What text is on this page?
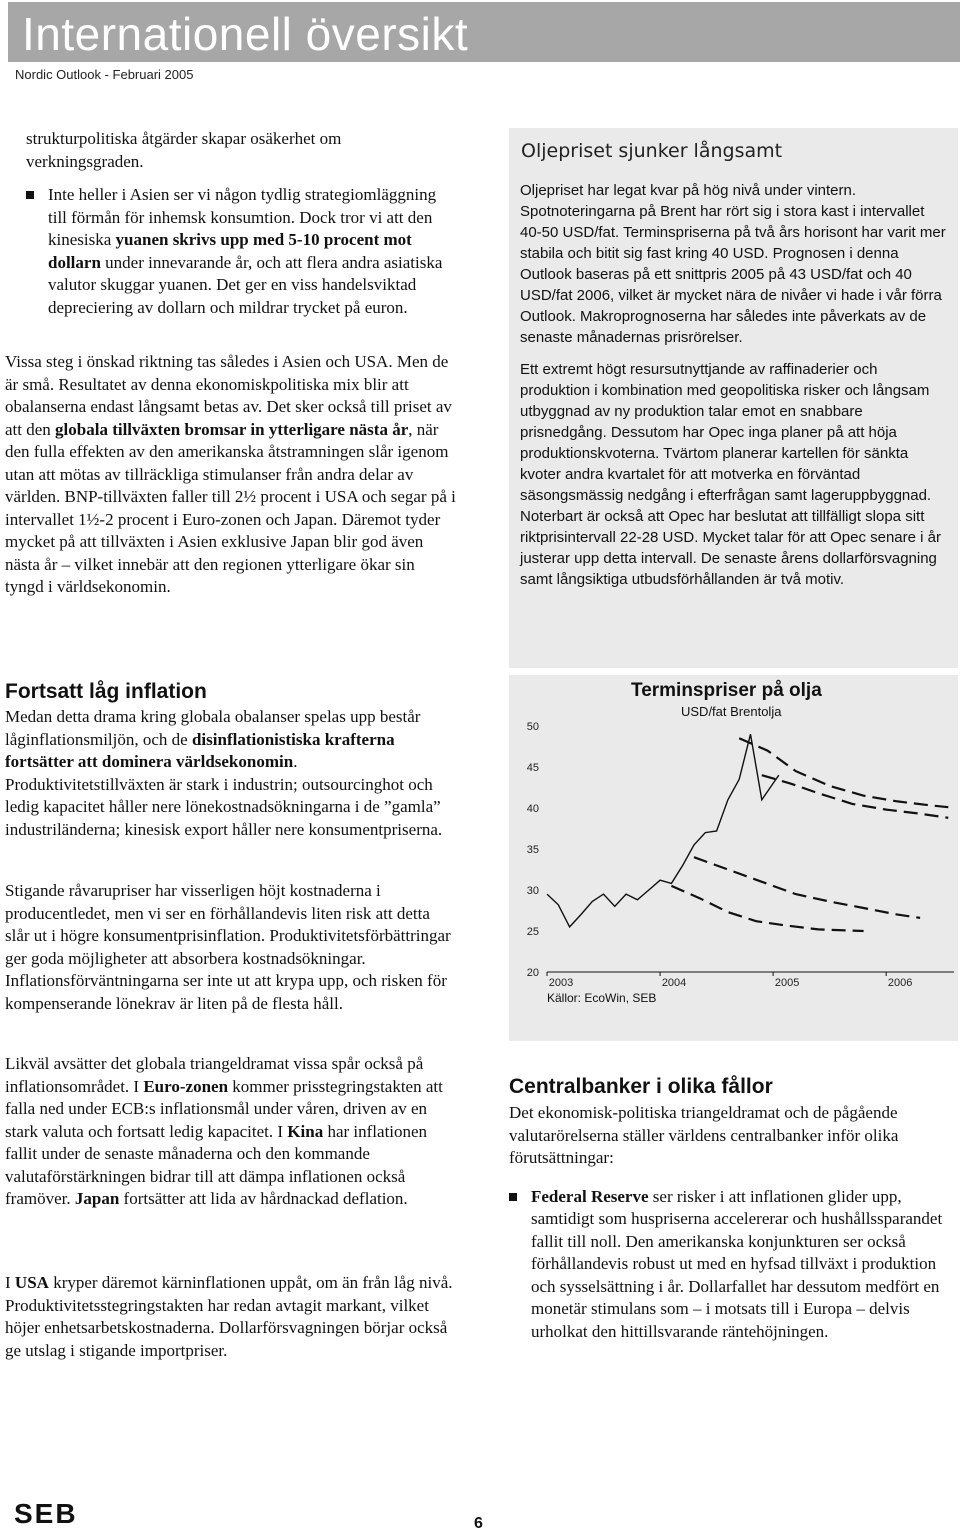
Internationell översikt
Nordic Outlook - Februari 2005

strukturpolitiska åtgärder skapar osäkerhet om verkningsgraden.

Inte heller i Asien ser vi någon tydlig strategiomläggning till förmån för inhemsk konsumtion. Dock tror vi att den kinesiska yuanen skrivs upp med 5-10 procent mot dollarn under innevarande år, och att flera andra asiatiska valutor skuggar yuanen. Det ger en viss handelsviktad depreciering av dollarn och mildrar trycket på euron.

Vissa steg i önskad riktning tas således i Asien och USA. Men de är små. Resultatet av denna ekonomiskpolitiska mix blir att obalanserna endast långsamt betas av. Det sker också till priset av att den globala tillväxten bromsar in ytterligare nästa år, när den fulla effekten av den amerikanska åtstramningen slår igenom utan att mötas av tillräckliga stimulanser från andra delar av världen. BNP-tillväxten faller till 2½ procent i USA och segar på i intervallet 1½-2 procent i Euro-zonen och Japan. Däremot tyder mycket på att tillväxten i Asien exklusive Japan blir god även nästa år – vilket innebär att den regionen ytterligare ökar sin tyngd i världsekonomin.

Fortsatt låg inflation

Medan detta drama kring globala obalanser spelas upp består låginflationsmiljön, och de disinflationistiska krafterna fortsätter att dominera världsekonomin. Produktivitetstillväxten är stark i industrin; outsourcinghot och ledig kapacitet håller nere lönekostnadsökningarna i de ”gamla” industriländerna; kinesisk export håller nere konsumentpriserna.

Stigande råvarupriser har visserligen höjt kostnaderna i producentledet, men vi ser en förhållandevis liten risk att detta slår ut i högre konsumentprisinflation. Produktivitetsförbättringar ger goda möjligheter att absorbera kostnadsökningar. Inflationsförväntningarna ser inte ut att krypa upp, och risken för kompenserande lönekrav är liten på de flesta håll.

Likväl avsätter det globala triangeldramat vissa spår också på inflationsområdet. I Euro-zonen kommer prisstegringstakten att falla ned under ECB:s inflationsmål under våren, driven av en stark valuta och fortsatt ledig kapacitet. I Kina har inflationen fallit under de senaste månaderna och den kommande valutaförstärkningen bidrar till att dämpa inflationen också framöver. Japan fortsätter att lida av hårdnackad deflation.

I USA kryper däremot kärninflationen uppåt, om än från låg nivå. Produktivitetsstegringstakten har redan avtagit markant, vilket höjer enhetsarbetskostnaderna. Dollarförsvagningen börjar också ge utslag i stigande importpriser.

Oljepriset sjunker långsamt

Oljepriset har legat kvar på hög nivå under vintern. Spotnoteringarna på Brent har rört sig i stora kast i intervallet 40-50 USD/fat. Terminspriserna på två års horisont har varit mer stabila och bitit sig fast kring 40 USD. Prognosen i denna Outlook baseras på ett snittpris 2005 på 43 USD/fat och 40 USD/fat 2006, vilket är mycket nära de nivåer vi hade i vår förra Outlook. Makroprognoserna har således inte påverkats av de senaste månadernas prisrörelser.

Ett extremt högt resursutnyttjande av raffinaderier och produktion i kombination med geopolitiska risker och långsam utbyggnad av ny produktion talar emot en snabbare prisnedgång. Dessutom har Opec inga planer på att höja produktionskvoterna. Tvärtom planerar kartellen för sänkta kvoter andra kvartalet för att motverka en förväntad säsongsmässig nedgång i efterfrågan samt lageruppbyggnad. Noterbart är också att Opec har beslutat att tillfälligt slopa sitt riktprisintervall 22-28 USD. Mycket talar för att Opec senare i år justerar upp detta intervall. De senaste årens dollarförsvagning samt långsiktiga utbudsförhållanden är två motiv.

Terminspriser på olja
USD/fat Brentolja
50
45
40
35
30
25
20
2003	2004	2005	2006
Källor: EcoWin, SEB
Centralbanker i olika fållor

Det ekonomisk-politiska triangeldramat och de pågående valutarörelserna ställer världens centralbanker inför olika förutsättningar:

Federal Reserve ser risker i att inflationen glider upp, samtidigt som huspriserna accelererar och hushållssparandet fallit till noll. Den amerikanska konjunkturen ser också förhållandevis robust ut med en hyfsad tillväxt i produktion och sysselsättning i år. Dollarfallet har dessutom medfört en monetär stimulans som – i motsats till i Europa – delvis urholkat den hittillsvarande räntehöjningen.

SEB	6
